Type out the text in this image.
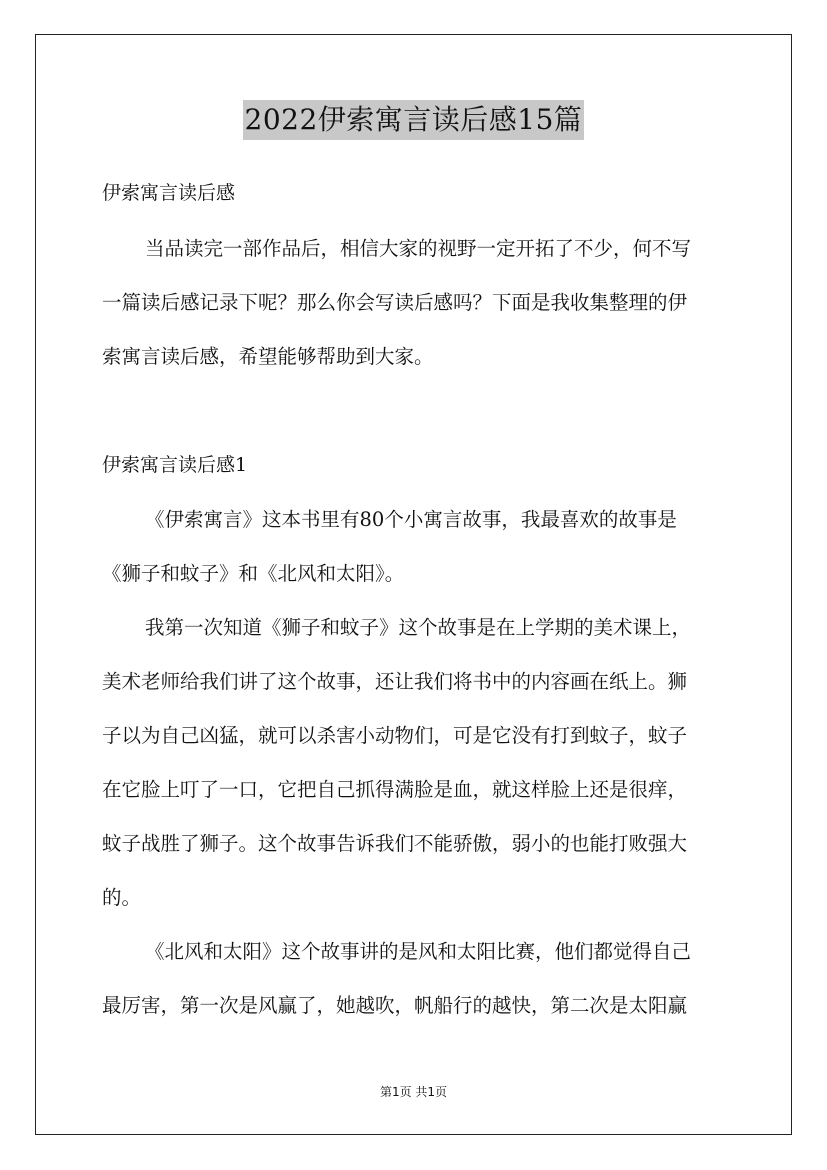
2022伊索寓言读后感15篇
伊索寓言读后感
当品读完一部作品后，相信大家的视野一定开拓了不少，何不写
一篇读后感记录下呢？那么你会写读后感吗？下面是我收集整理的伊
索寓言读后感，希望能够帮助到大家。
伊索寓言读后感1
《伊索寓言》这本书里有80个小寓言故事，我最喜欢的故事是
《狮子和蚊子》和《北风和太阳》。
我第一次知道《狮子和蚊子》这个故事是在上学期的美术课上，
美术老师给我们讲了这个故事，还让我们将书中的内容画在纸上。狮
子以为自己凶猛，就可以杀害小动物们，可是它没有打到蚊子，蚊子
在它脸上叮了一口，它把自己抓得满脸是血，就这样脸上还是很痒，
蚊子战胜了狮子。这个故事告诉我们不能骄傲，弱小的也能打败强大
的。
《北风和太阳》这个故事讲的是风和太阳比赛，他们都觉得自己
最厉害，第一次是风赢了，她越吹，帆船行的越快，第二次是太阳赢
第1页 共1页
